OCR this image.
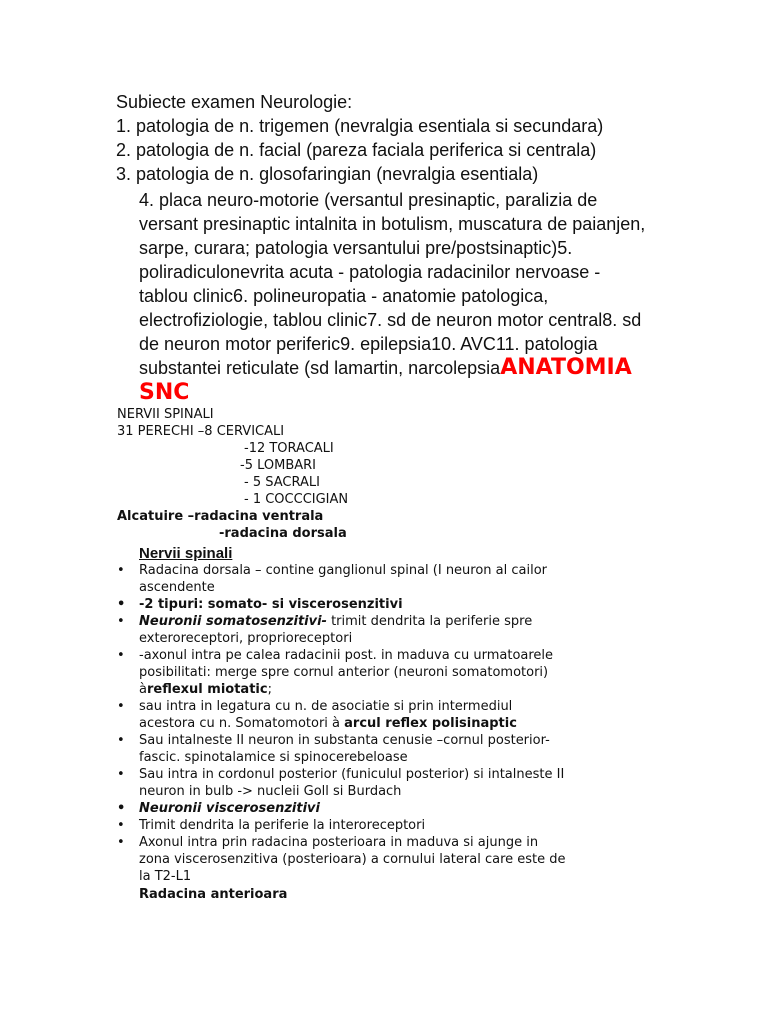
Subiecte examen Neurologie:
1. patologia de n. trigemen (nevralgia esentiala si secundara)
2. patologia de n. facial (pareza faciala periferica si centrala)
3. patologia de n. glosofaringian (nevralgia esentiala)
4. placa neuro-motorie (versantul presinaptic, paralizia de
versant presinaptic intalnita in botulism, muscatura de paianjen,
sarpe, curara; patologia versantului pre/postsinaptic)5.
poliradiculonevrita acuta - patologia radacinilor nervoase -
tablou clinic6. polineuropatia - anatomie patologica,
electrofiziologie, tablou clinic7. sd de neuron motor central8. sd
de neuron motor periferic9. epilepsia10. AVC11. patologia
substantei reticulate (sd lamartin, narcolepsiaANATOMIA
SNC
NERVII SPINALI
31 PERECHI –8 CERVICALI
-12 TORACALI
-5 LOMBARI
- 5 SACRALI
- 1 COCCCIGIAN
Alcatuire –radacina ventrala
-radacina dorsala
Nervii spinali
•	Radacina dorsala – contine ganglionul spinal (I neuron al cailor
ascendente
• -2 tipuri: somato- si viscerosenzitivi
•	Neuronii somatosenzitivi- trimit dendrita la periferie spre
exteroreceptori, proprioreceptori
•	-axonul intra pe calea radacinii post. in maduva cu urmatoarele
posibilitati: merge spre cornul anterior (neuroni somatomotori)
àreflexul miotatic;
•	sau intra in legatura cu n. de asociatie si prin intermediul
acestora cu n. Somatomotori à arcul reflex polisinaptic
•	Sau intalneste II neuron in substanta cenusie –cornul posterior-
fascic. spinotalamice si spinocerebeloase
•	Sau intra in cordonul posterior (funiculul posterior) si intalneste II
neuron in bulb -> nucleii Goll si Burdach
• Neuronii viscerosenzitivi
•	Trimit dendrita la periferie la interoreceptori
•	Axonul intra prin radacina posterioara in maduva si ajunge in
zona viscerosenzitiva (posterioara) a cornului lateral care este de
la T2-L1
Radacina anterioara
